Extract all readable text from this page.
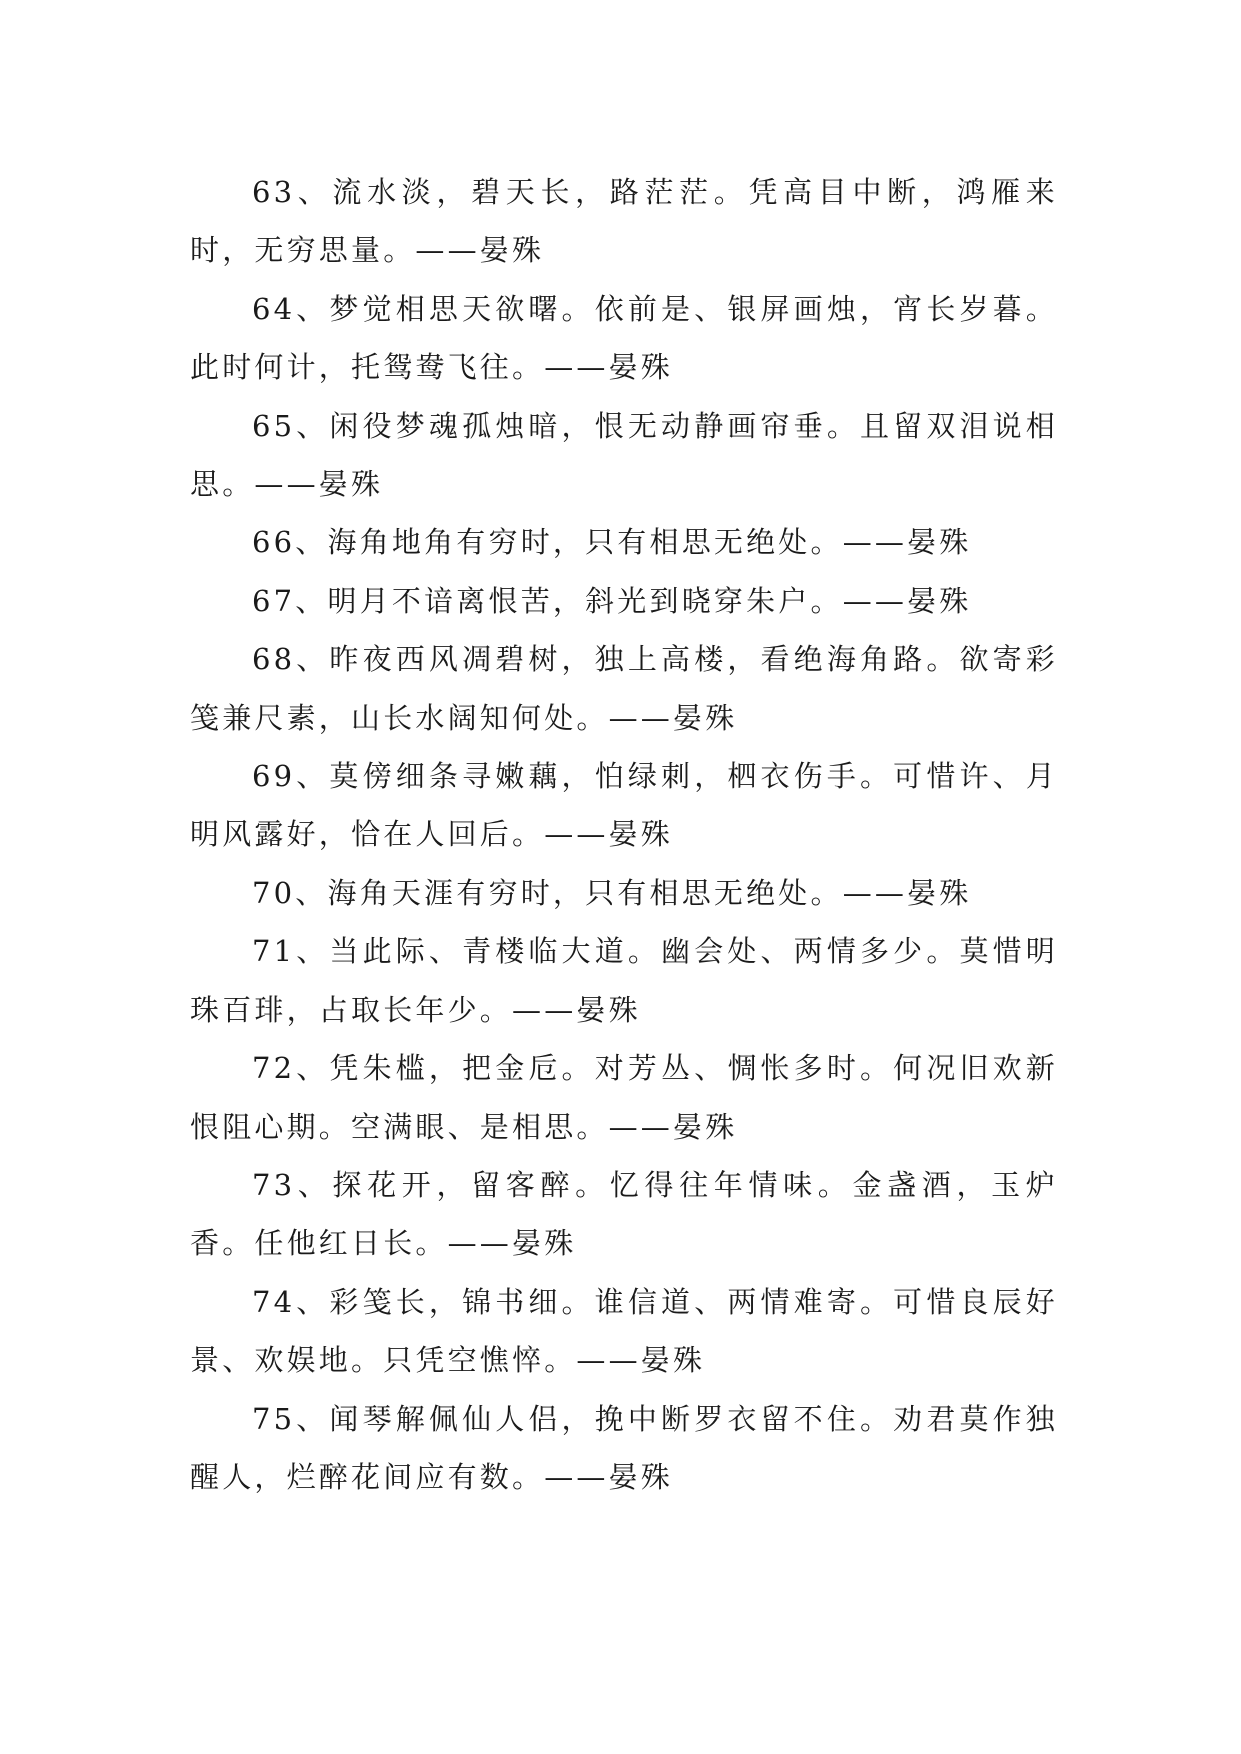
63、流水淡，碧天长，路茫茫。凭高目中断，鸿雁来时，无穷思量。——晏殊

64、梦觉相思天欲曙。依前是、银屏画烛，宵长岁暮。此时何计，托鸳鸯飞往。——晏殊

65、闲役梦魂孤烛暗，恨无动静画帘垂。且留双泪说相思。——晏殊

66、海角地角有穷时，只有相思无绝处。——晏殊

67、明月不谙离恨苦，斜光到晓穿朱户。——晏殊

68、昨夜西风凋碧树，独上高楼，看绝海角路。欲寄彩笺兼尺素，山长水阔知何处。——晏殊

69、莫傍细条寻嫩藕，怕绿刺，柶衣伤手。可惜许、月明风露好，恰在人回后。——晏殊

70、海角天涯有穷时，只有相思无绝处。——晏殊

71、当此际、青楼临大道。幽会处、两情多少。莫惜明珠百琲，占取长年少。——晏殊

72、凭朱槛，把金卮。对芳丛、惆怅多时。何况旧欢新恨阻心期。空满眼、是相思。——晏殊

73、探花开，留客醉。忆得往年情味。金盏酒，玉炉香。任他红日长。——晏殊

74、彩笺长，锦书细。谁信道、两情难寄。可惜良辰好景、欢娱地。只凭空憔悴。——晏殊

75、闻琴解佩仙人侣，挽中断罗衣留不住。劝君莫作独醒人，烂醉花间应有数。——晏殊
